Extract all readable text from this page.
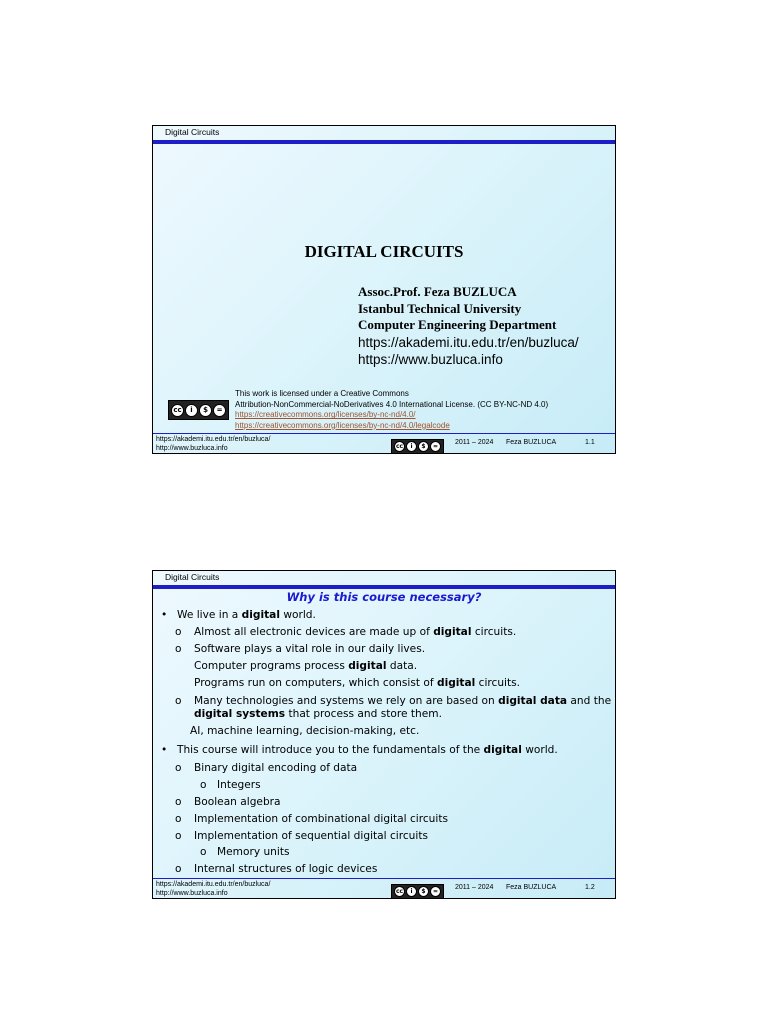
Digital Circuits
DIGITAL CIRCUITS
Assoc.Prof. Feza BUZLUCA
Istanbul Technical University
Computer Engineering Department
https://akademi.itu.edu.tr/en/buzluca/
https://www.buzluca.info
cc	i	$	=
This work is licensed under a Creative Commons
Attribution-NonCommercial-NoDerivatives 4.0 International License. (CC BY-NC-ND 4.0)
https://creativecommons.org/licenses/by-nc-nd/4.0/
https://creativecommons.org/licenses/by-nc-nd/4.0/legalcode
https://akademi.itu.edu.tr/en/buzluca/
http://www.buzluca.info	cc	i	$	=
2011 – 2024 Feza BUZLUCA	1.1
Digital Circuits
Why is this course necessary?
• We live in a digital world.
o Almost all electronic devices are made up of digital circuits.
o Software plays a vital role in our daily lives.
Computer programs process digital data.
Programs run on computers, which consist of digital circuits.
o Many technologies and systems we rely on are based on digital data and the
digital systems that process and store them.
AI, machine learning, decision-making, etc.
• This course will introduce you to the fundamentals of the digital world.
o Binary digital encoding of data
o Integers
o Boolean algebra
o Implementation of combinational digital circuits
o Implementation of sequential digital circuits
o Memory units
o Internal structures of logic devices
https://akademi.itu.edu.tr/en/buzluca/
http://www.buzluca.info	cc	i	$	=
2011 – 2024 Feza BUZLUCA	1.2
